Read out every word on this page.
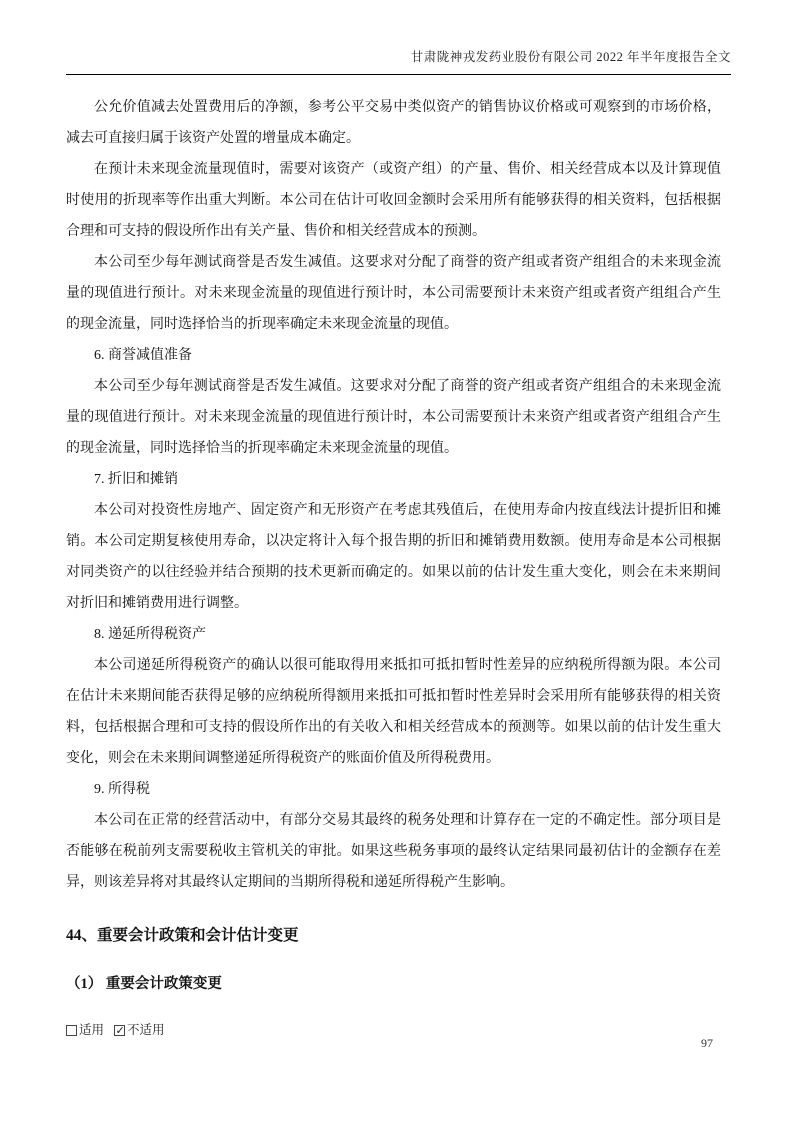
甘肃陇神戎发药业股份有限公司 2022 年半年度报告全文

公允价值减去处置费用后的净额，参考公平交易中类似资产的销售协议价格或可观察到的市场价格，减去可直接归属于该资产处置的增量成本确定。

在预计未来现金流量现值时，需要对该资产（或资产组）的产量、售价、相关经营成本以及计算现值时使用的折现率等作出重大判断。本公司在估计可收回金额时会采用所有能够获得的相关资料，包括根据合理和可支持的假设所作出有关产量、售价和相关经营成本的预测。

本公司至少每年测试商誉是否发生减值。这要求对分配了商誉的资产组或者资产组组合的未来现金流量的现值进行预计。对未来现金流量的现值进行预计时，本公司需要预计未来资产组或者资产组组合产生的现金流量，同时选择恰当的折现率确定未来现金流量的现值。

6. 商誉减值准备

本公司至少每年测试商誉是否发生减值。这要求对分配了商誉的资产组或者资产组组合的未来现金流量的现值进行预计。对未来现金流量的现值进行预计时，本公司需要预计未来资产组或者资产组组合产生的现金流量，同时选择恰当的折现率确定未来现金流量的现值。

7. 折旧和摊销

本公司对投资性房地产、固定资产和无形资产在考虑其残值后，在使用寿命内按直线法计提折旧和摊销。本公司定期复核使用寿命，以决定将计入每个报告期的折旧和摊销费用数额。使用寿命是本公司根据对同类资产的以往经验并结合预期的技术更新而确定的。如果以前的估计发生重大变化，则会在未来期间对折旧和摊销费用进行调整。

8. 递延所得税资产

本公司递延所得税资产的确认以很可能取得用来抵扣可抵扣暂时性差异的应纳税所得额为限。本公司在估计未来期间能否获得足够的应纳税所得额用来抵扣可抵扣暂时性差异时会采用所有能够获得的相关资料，包括根据合理和可支持的假设所作出的有关收入和相关经营成本的预测等。如果以前的估计发生重大变化，则会在未来期间调整递延所得税资产的账面价值及所得税费用。

9. 所得税

本公司在正常的经营活动中，有部分交易其最终的税务处理和计算存在一定的不确定性。部分项目是否能够在税前列支需要税收主管机关的审批。如果这些税务事项的最终认定结果同最初估计的金额存在差异，则该差异将对其最终认定期间的当期所得税和递延所得税产生影响。

44、重要会计政策和会计估计变更
（1） 重要会计政策变更
适用 ✓ 不适用
97
